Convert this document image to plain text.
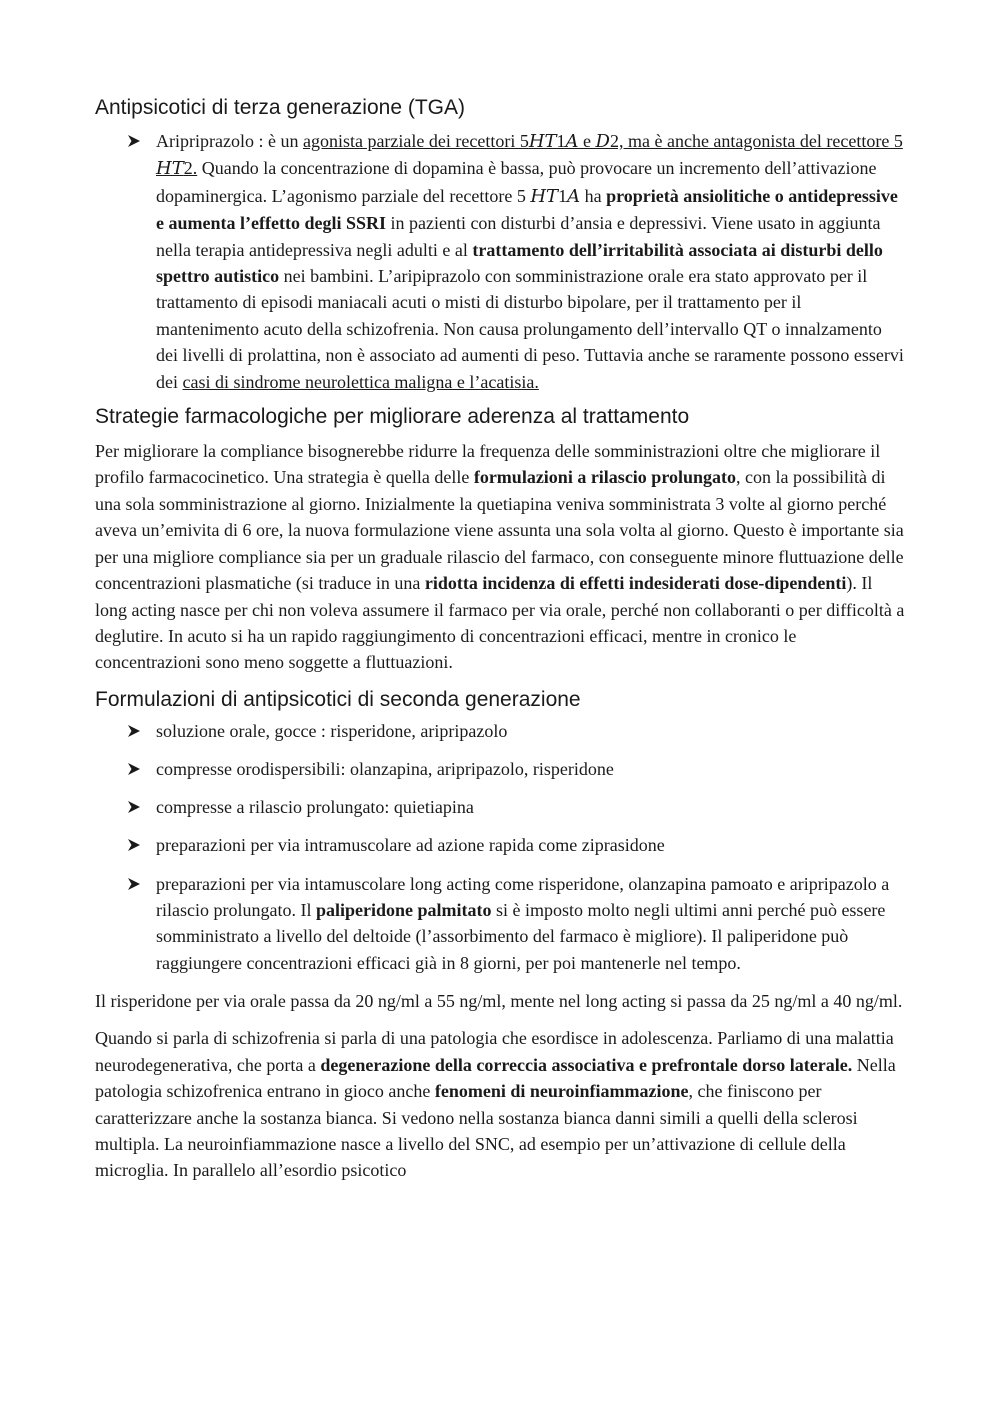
Antipsicotici di terza generazione (TGA)
Aripriprazolo : è un agonista parziale dei recettori 5HT1A e D2, ma è anche antagonista del recettore 5 HT2. Quando la concentrazione di dopamina è bassa, può provocare un incremento dell’attivazione dopaminergica. L’agonismo parziale del recettore 5 HT1A ha proprietà ansiolitiche o antidepressive e aumenta l’effetto degli SSRI in pazienti con disturbi d’ansia e depressivi. Viene usato in aggiunta nella terapia antidepressiva negli adulti e al trattamento dell’irritabilità associata ai disturbi dello spettro autistico nei bambini. L’aripiprazolo con somministrazione orale era stato approvato per il trattamento di episodi maniacali acuti o misti di disturbo bipolare, per il trattamento per il mantenimento acuto della schizofrenia. Non causa prolungamento dell’intervallo QT o innalzamento dei livelli di prolattina, non è associato ad aumenti di peso. Tuttavia anche se raramente possono esservi dei casi di sindrome neurolettica maligna e l’acatisia.
Strategie farmacologiche per migliorare aderenza al trattamento

Per migliorare la compliance bisognerebbe ridurre la frequenza delle somministrazioni oltre che migliorare il profilo farmacocinetico. Una strategia è quella delle formulazioni a rilascio prolungato, con la possibilità di una sola somministrazione al giorno. Inizialmente la quetiapina veniva somministrata 3 volte al giorno perché aveva un’emivita di 6 ore, la nuova formulazione viene assunta una sola volta al giorno. Questo è importante sia per una migliore compliance sia per un graduale rilascio del farmaco, con conseguente minore fluttuazione delle concentrazioni plasmatiche (si traduce in una ridotta incidenza di effetti indesiderati dose-dipendenti). Il long acting nasce per chi non voleva assumere il farmaco per via orale, perché non collaboranti o per difficoltà a deglutire. In acuto si ha un rapido raggiungimento di concentrazioni efficaci, mentre in cronico le concentrazioni sono meno soggette a fluttuazioni.

Formulazioni di antipsicotici di seconda generazione
soluzione orale, gocce : risperidone, aripripazolo
compresse orodispersibili: olanzapina, aripripazolo, risperidone
compresse a rilascio prolungato: quietiapina
preparazioni per via intramuscolare ad azione rapida come ziprasidone
preparazioni per via intamuscolare long acting come risperidone, olanzapina pamoato e aripripazolo a rilascio prolungato. Il paliperidone palmitato si è imposto molto negli ultimi anni perché può essere somministrato a livello del deltoide (l’assorbimento del farmaco è migliore). Il paliperidone può raggiungere concentrazioni efficaci già in 8 giorni, per poi mantenerle nel tempo.

Il risperidone per via orale passa da 20 ng/ml a 55 ng/ml, mente nel long acting si passa da 25 ng/ml a 40 ng/ml.

Quando si parla di schizofrenia si parla di una patologia che esordisce in adolescenza. Parliamo di una malattia neurodegenerativa, che porta a degenerazione della correccia associativa e prefrontale dorso laterale. Nella patologia schizofrenica entrano in gioco anche fenomeni di neuroinfiammazione, che finiscono per caratterizzare anche la sostanza bianca. Si vedono nella sostanza bianca danni simili a quelli della sclerosi multipla. La neuroinfiammazione nasce a livello del SNC, ad esempio per un’attivazione di cellule della microglia. In parallelo all’esordio psicotico
